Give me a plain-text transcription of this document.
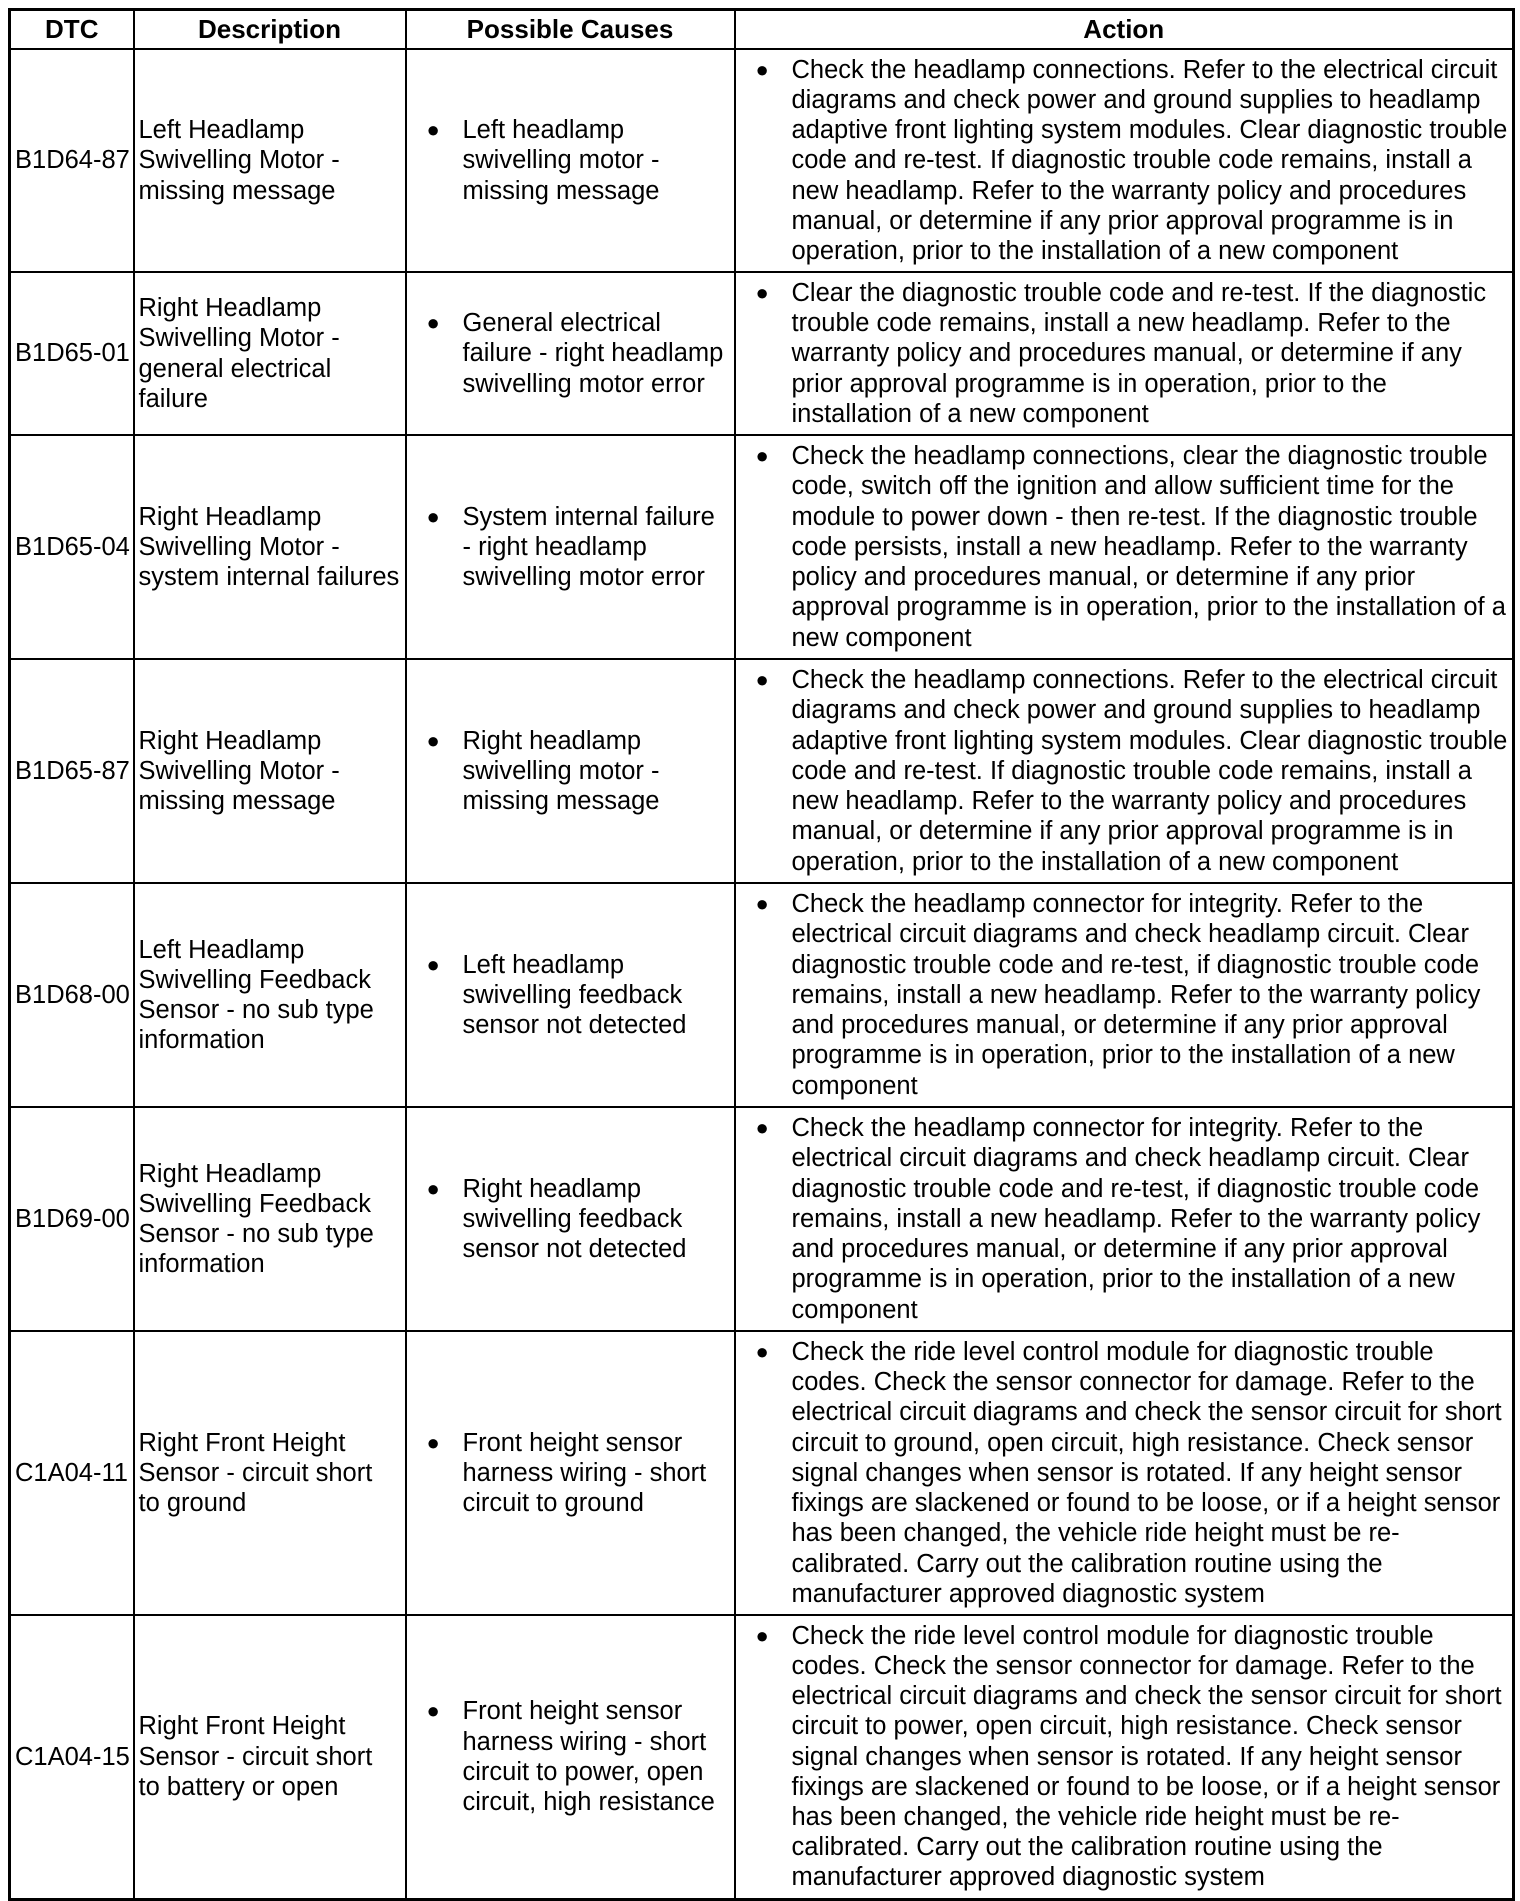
DTC	Description	Possible Causes	Action
B1D64-87	Left Headlamp Swivelling Motor - missing message	● Left headlamp swivelling motor - missing message	● Check the headlamp connections. Refer to the electrical circuit diagrams and check power and ground supplies to headlamp adaptive front lighting system modules. Clear diagnostic trouble code and re-test. If diagnostic trouble code remains, install a new headlamp. Refer to the warranty policy and procedures manual, or determine if any prior approval programme is in operation, prior to the installation of a new component

B1D65-01	Right Headlamp Swivelling Motor - general electrical failure	● General electrical failure - right headlamp swivelling motor error	● Clear the diagnostic trouble code and re-test. If the diagnostic trouble code remains, install a new headlamp. Refer to the warranty policy and procedures manual, or determine if any prior approval programme is in operation, prior to the installation of a new component

B1D65-04	Right Headlamp Swivelling Motor - system internal failures	● System internal failure - right headlamp swivelling motor error	● Check the headlamp connections, clear the diagnostic trouble code, switch off the ignition and allow sufficient time for the module to power down - then re-test. If the diagnostic trouble code persists, install a new headlamp. Refer to the warranty policy and procedures manual, or determine if any prior approval programme is in operation, prior to the installation of a new component

B1D65-87	Right Headlamp Swivelling Motor - missing message	● Right headlamp swivelling motor - missing message	● Check the headlamp connections. Refer to the electrical circuit diagrams and check power and ground supplies to headlamp adaptive front lighting system modules. Clear diagnostic trouble code and re-test. If diagnostic trouble code remains, install a new headlamp. Refer to the warranty policy and procedures manual, or determine if any prior approval programme is in operation, prior to the installation of a new component

B1D68-00	Left Headlamp Swivelling Feedback Sensor - no sub type information	● Left headlamp swivelling feedback sensor not detected	● Check the headlamp connector for integrity. Refer to the electrical circuit diagrams and check headlamp circuit. Clear diagnostic trouble code and re-test, if diagnostic trouble code remains, install a new headlamp. Refer to the warranty policy and procedures manual, or determine if any prior approval programme is in operation, prior to the installation of a new component

B1D69-00	Right Headlamp Swivelling Feedback Sensor - no sub type information	● Right headlamp swivelling feedback sensor not detected	● Check the headlamp connector for integrity. Refer to the electrical circuit diagrams and check headlamp circuit. Clear diagnostic trouble code and re-test, if diagnostic trouble code remains, install a new headlamp. Refer to the warranty policy and procedures manual, or determine if any prior approval programme is in operation, prior to the installation of a new component

C1A04-11	Right Front Height Sensor - circuit short to ground	● Front height sensor harness wiring - short circuit to ground	● Check the ride level control module for diagnostic trouble codes. Check the sensor connector for damage. Refer to the electrical circuit diagrams and check the sensor circuit for short circuit to ground, open circuit, high resistance. Check sensor signal changes when sensor is rotated. If any height sensor fixings are slackened or found to be loose, or if a height sensor has been changed, the vehicle ride height must be re-calibrated. Carry out the calibration routine using the manufacturer approved diagnostic system

C1A04-15	Right Front Height Sensor - circuit short to battery or open	● Front height sensor harness wiring - short circuit to power, open circuit, high resistance	● Check the ride level control module for diagnostic trouble codes. Check the sensor connector for damage. Refer to the electrical circuit diagrams and check the sensor circuit for short circuit to power, open circuit, high resistance. Check sensor signal changes when sensor is rotated. If any height sensor fixings are slackened or found to be loose, or if a height sensor has been changed, the vehicle ride height must be re-calibrated. Carry out the calibration routine using the manufacturer approved diagnostic system
